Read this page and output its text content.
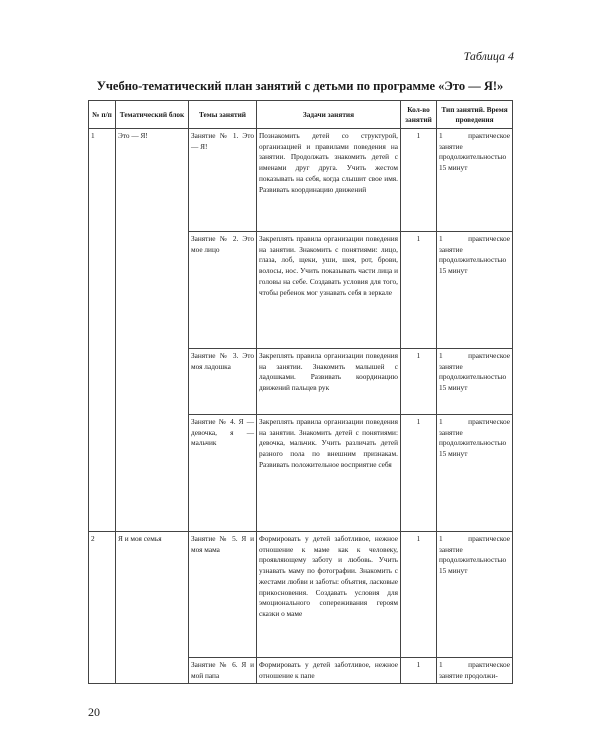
Таблица 4
Учебно-тематический план занятий с детьми по программе «Это — Я!»
№ п/п	Тематический блок	Темы занятий	Задачи занятия	Кол-во занятий	Тип занятий. Время проведения
1	Это — Я!	Занятие № 1. Это — Я!	Познакомить детей со структурой, организацией и правилами поведения на занятии. Продолжать знакомить детей с именами друг друга. Учить жестом показывать на себя, когда слышит свое имя. Развивать координацию движений	1	1 практическое занятие продолжительностью 15 минут
		Занятие № 2. Это мое лицо	Закреплять правила организации поведения на занятии. Знакомить с понятиями: лицо, глаза, лоб, щеки, уши, шея, рот, брови, волосы, нос. Учить показывать части лица и головы на себе. Создавать условия для того, чтобы ребенок мог узнавать себя в зеркале	1	1 практическое занятие продолжительностью 15 минут
		Занятие № 3. Это моя ладошка	Закреплять правила организации поведения на занятии. Знакомить малышей с ладошками. Развивать координацию движений пальцев рук	1	1 практическое занятие продолжительностью 15 минут
		Занятие № 4. Я — девочка, я — мальчик	Закреплять правила организации поведения на занятии. Знакомить детей с понятиями: девочка, мальчик. Учить различать детей разного пола по внешним признакам. Развивать положительное восприятие себя	1	1 практическое занятие продолжительностью 15 минут
2	Я и моя семья	Занятие № 5. Я и моя мама	Формировать у детей заботливое, нежное отношение к маме как к человеку, проявляющему заботу и любовь. Учить узнавать маму по фотографии. Знакомить с жестами любви и заботы: объятия, ласковые прикосновения. Создавать условия для эмоционального сопереживания героям сказки о маме	1	1 практическое занятие продолжительностью 15 минут
		Занятие № 6. Я и мой папа	Формировать у детей заботливое, нежное отношение к папе	1	1 практическое занятие продолжи-
20
